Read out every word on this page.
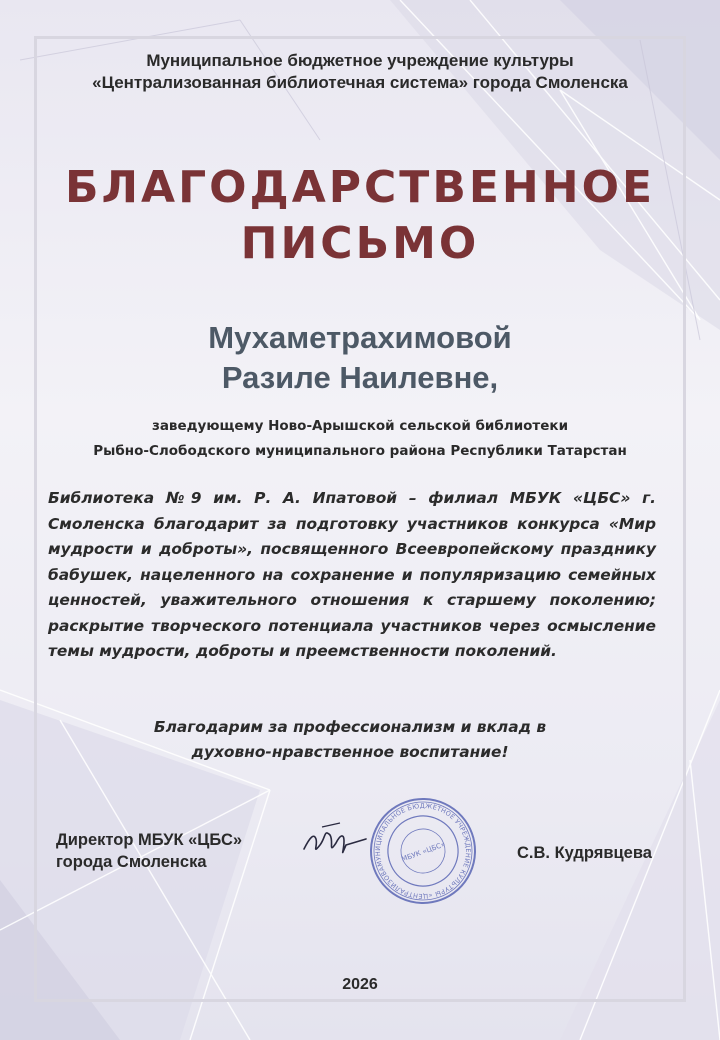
Муниципальное бюджетное учреждение культуры
«Централизованная библиотечная система» города Смоленска
БЛАГОДАРСТВЕННОЕ
ПИСЬМО
Мухаметрахимовой
Разиле Наилевне,
заведующему Ново-Арышской сельской библиотеки
Рыбно-Слободского муниципального района Республики Татарстан
Библиотека №9 им. Р. А. Ипатовой – филиал МБУК «ЦБС» г. Смоленска благодарит за подготовку участников конкурса «Мир мудрости и доброты», посвященного Всеевропейскому празднику бабушек, нацеленного на сохранение и популяризацию семейных ценностей, уважительного отношения к старшему поколению; раскрытие творческого потенциала участников через осмысление темы мудрости, доброты и преемственности поколений.
Благодарим за профессионализм и вклад в
духовно-нравственное воспитание!
Директор МБУК «ЦБС»
города Смоленска	МУНИЦИПАЛЬНОЕ БЮДЖЕТНОЕ УЧРЕЖДЕНИЕ КУЛЬТУРЫ «ЦЕНТРАЛИЗОВАННАЯ
МБУК «ЦБС»	С.В. Кудрявцева
2026
